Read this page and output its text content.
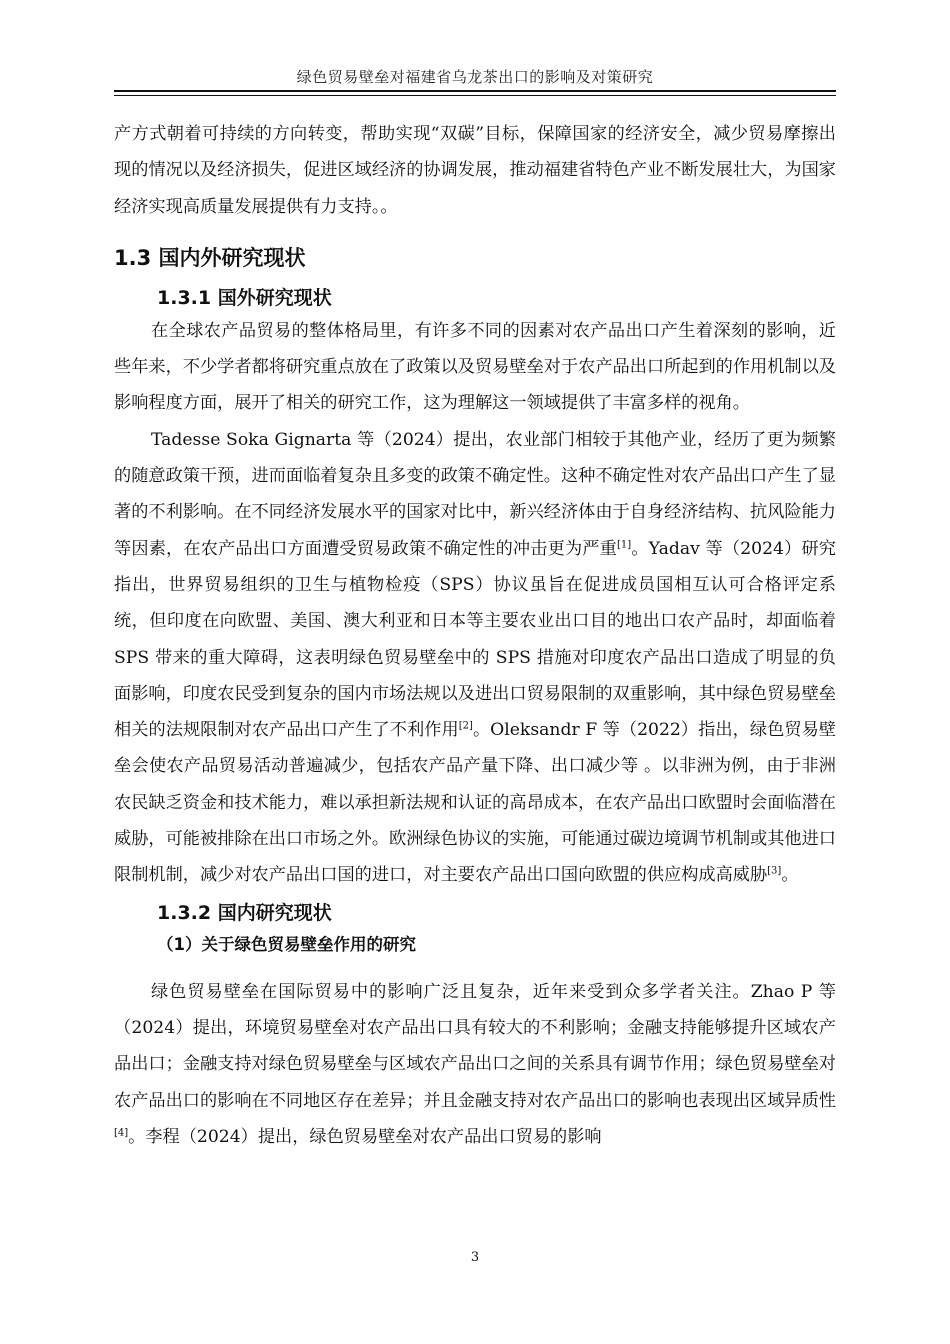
绿色贸易壁垒对福建省乌龙茶出口的影响及对策研究

产方式朝着可持续的方向转变，帮助实现“双碳”目标，保障国家的经济安全，减少贸易摩擦出现的情况以及经济损失，促进区域经济的协调发展，推动福建省特色产业不断发展壮大，为国家经济实现高质量发展提供有力支持。。

1.3 国内外研究现状
1.3.1 国外研究现状

在全球农产品贸易的整体格局里，有许多不同的因素对农产品出口产生着深刻的影响，近些年来，不少学者都将研究重点放在了政策以及贸易壁垒对于农产品出口所起到的作用机制以及影响程度方面，展开了相关的研究工作，这为理解这一领域提供了丰富多样的视角。

Tadesse Soka Gignarta 等（2024）提出，农业部门相较于其他产业，经历了更为频繁的随意政策干预，进而面临着复杂且多变的政策不确定性。这种不确定性对农产品出口产生了显著的不利影响。在不同经济发展水平的国家对比中，新兴经济体由于自身经济结构、抗风险能力等因素，在农产品出口方面遭受贸易政策不确定性的冲击更为严重[1]。Yadav 等（2024）研究指出，世界贸易组织的卫生与植物检疫（SPS）协议虽旨在促进成员国相互认可合格评定系统，但印度在向欧盟、美国、澳大利亚和日本等主要农业出口目的地出口农产品时，却面临着 SPS 带来的重大障碍，这表明绿色贸易壁垒中的 SPS 措施对印度农产品出口造成了明显的负面影响，印度农民受到复杂的国内市场法规以及进出口贸易限制的双重影响，其中绿色贸易壁垒相关的法规限制对农产品出口产生了不利作用[2]。Oleksandr F 等（2022）指出，绿色贸易壁垒会使农产品贸易活动普遍减少，包括农产品产量下降、出口减少等 。以非洲为例，由于非洲农民缺乏资金和技术能力，难以承担新法规和认证的高昂成本，在农产品出口欧盟时会面临潜在威胁，可能被排除在出口市场之外。欧洲绿色协议的实施，可能通过碳边境调节机制或其他进口限制机制，减少对农产品出口国的进口，对主要农产品出口国向欧盟的供应构成高威胁[3]。

1.3.2 国内研究现状
（1）关于绿色贸易壁垒作用的研究

绿色贸易壁垒在国际贸易中的影响广泛且复杂，近年来受到众多学者关注。Zhao P 等（2024）提出，环境贸易壁垒对农产品出口具有较大的不利影响；金融支持能够提升区域农产品出口；金融支持对绿色贸易壁垒与区域农产品出口之间的关系具有调节作用；绿色贸易壁垒对农产品出口的影响在不同地区存在差异；并且金融支持对农产品出口的影响也表现出区域异质性[4]。李程（2024）提出，绿色贸易壁垒对农产品出口贸易的影响

3
